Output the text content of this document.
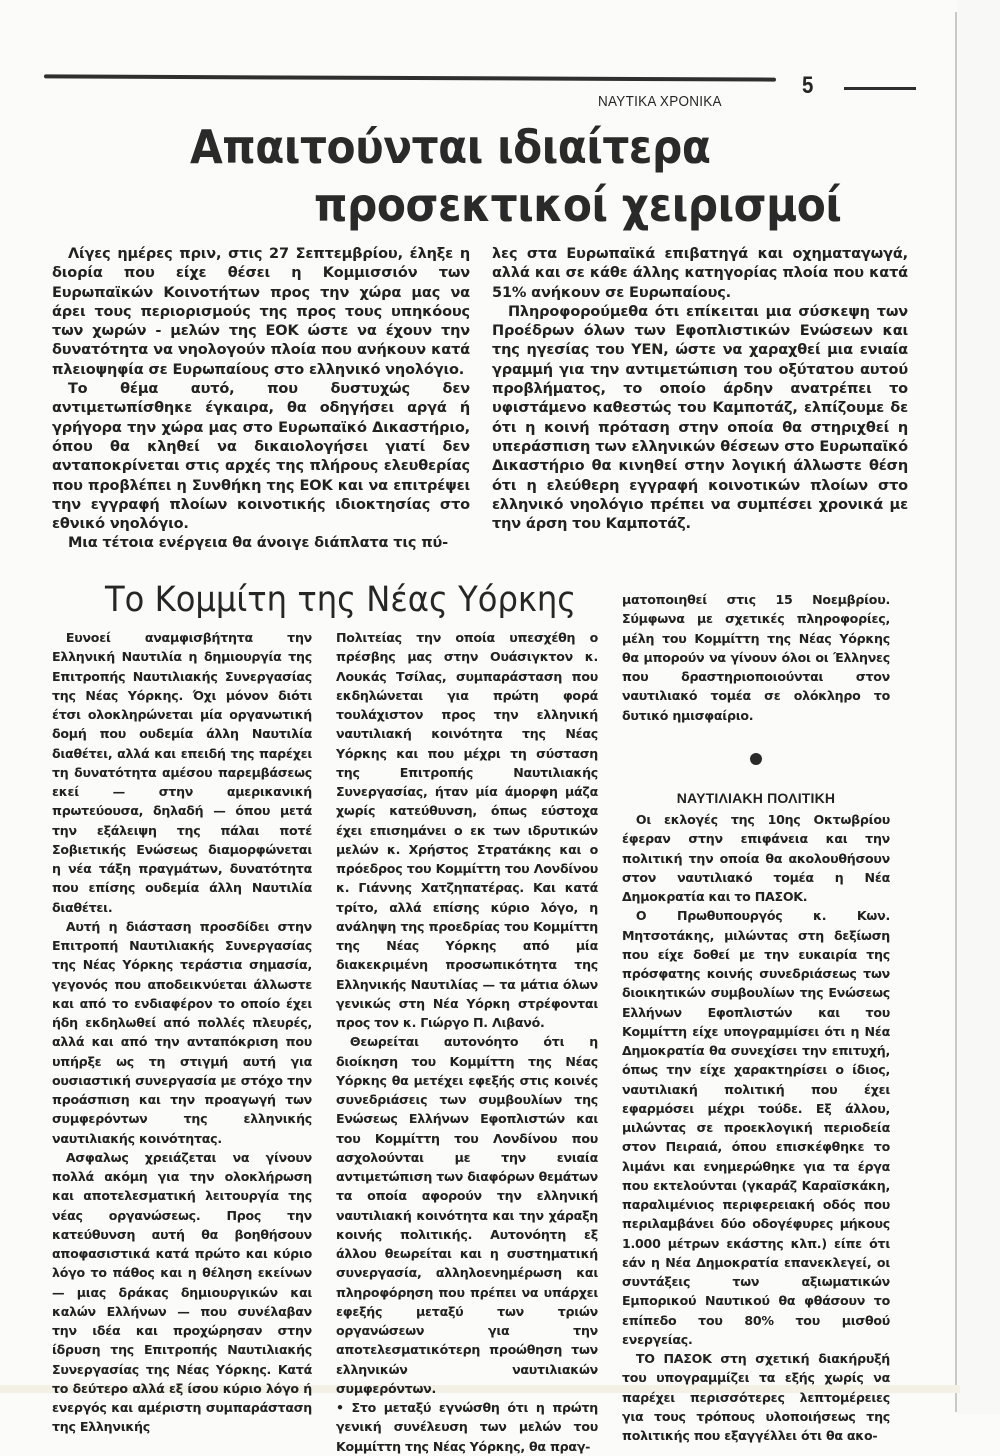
5
ΝΑΥΤΙΚΑ ΧΡΟΝΙΚΑ
Απαιτούνται ιδιαίτερα
προσεκτικοί χειρισμοί

Λίγες ημέρες πριν, στις 27 Σεπτεμβρίου, έληξε η διορία που είχε θέσει η Κομμισσιόν των Ευρωπαϊκών Κοινοτήτων προς την χώρα μας να άρει τους περιορισμούς της προς τους υπηκόους των χωρών - μελών της ΕΟΚ ώστε να έχουν την δυνατότητα να νηολογούν πλοία που ανήκουν κατά πλειοψηφία σε Ευρωπαίους στο ελληνικό νηολόγιο.

Το θέμα αυτό, που δυστυχώς δεν αντιμετωπίσθηκε έγκαιρα, θα οδηγήσει αργά ή γρήγορα την χώρα μας στο Ευρωπαϊκό Δικαστήριο, όπου θα κληθεί να δικαιολογήσει γιατί δεν ανταποκρίνεται στις αρχές της πλήρους ελευθερίας που προβλέπει η Συνθήκη της ΕΟΚ και να επιτρέψει την εγγραφή πλοίων κοινοτικής ιδιοκτησίας στο εθνικό νηολόγιο.

Μια τέτοια ενέργεια θα άνοιγε διάπλατα τις πύ-

λες στα Ευρωπαϊκά επιβατηγά και οχηματαγωγά, αλλά και σε κάθε άλλης κατηγορίας πλοία που κατά 51% ανήκουν σε Ευρωπαίους.

Πληροφορούμεθα ότι επίκειται μια σύσκεψη των Προέδρων όλων των Εφοπλιστικών Ενώσεων και της ηγεσίας του ΥΕΝ, ώστε να χαραχθεί μια ενιαία γραμμή για την αντιμετώπιση του οξύτατου αυτού προβλήματος, το οποίο άρδην ανατρέπει το υφιστάμενο καθεστώς του Καμποτάζ, ελπίζουμε δε ότι η κοινή πρόταση στην οποία θα στηριχθεί η υπεράσπιση των ελληνικών θέσεων στο Ευρωπαϊκό Δικαστήριο θα κινηθεί στην λογική άλλωστε θέση ότι η ελεύθερη εγγραφή κοινοτικών πλοίων στο ελληνικό νηολόγιο πρέπει να συμπέσει χρονικά με την άρση του Καμποτάζ.

Το Κομμίτη της Νέας Υόρκης

Ευνοεί αναμφισβήτητα την Ελληνική Ναυτιλία η δημιουργία της Επιτροπής Ναυτιλιακής Συνεργασίας της Νέας Υόρκης. Όχι μόνον διότι έτσι ολοκληρώνεται μία οργανωτική δομή που ουδεμία άλλη Ναυτιλία διαθέτει, αλλά και επειδή της παρέχει τη δυνατότητα αμέσου παρεμβάσεως εκεί — στην αμερικανική πρωτεύουσα, δηλαδή — όπου μετά την εξάλειψη της πάλαι ποτέ Σοβιετικής Ενώσεως διαμορφώνεται η νέα τάξη πραγμάτων, δυνατότητα που επίσης ουδεμία άλλη Ναυτιλία διαθέτει.

Αυτή η διάσταση προσδίδει στην Επιτροπή Ναυτιλιακής Συνεργασίας της Νέας Υόρκης τεράστια σημασία, γεγονός που αποδεικνύεται άλλωστε και από το ενδιαφέρον το οποίο έχει ήδη εκδηλωθεί από πολλές πλευρές, αλλά και από την ανταπόκριση που υπήρξε ως τη στιγμή αυτή για ουσιαστική συνεργασία με στόχο την προάσπιση και την προαγωγή των συμφερόντων της ελληνικής ναυτιλιακής κοινότητας.

Ασφαλως χρειάζεται να γίνουν πολλά ακόμη για την ολοκλήρωση και αποτελεσματική λειτουργία της νέας οργανώσεως. Προς την κατεύθυνση αυτή θα βοηθήσουν αποφασιστικά κατά πρώτο και κύριο λόγο το πάθος και η θέληση εκείνων — μιας δράκας δημιουργικών και καλών Ελλήνων — που συνέλαβαν την ιδέα και προχώρησαν στην ίδρυση της Επιτροπής Ναυτιλιακής Συνεργασίας της Νέας Υόρκης. Κατά το δεύτερο αλλά εξ ίσου κύριο λόγο ή ενεργός και αμέριστη συμπαράσταση της Ελληνικής

Πολιτείας την οποία υπεσχέθη ο πρέσβης μας στην Ουάσιγκτον κ. Λουκάς Τσίλας, συμπαράσταση που εκδηλώνεται για πρώτη φορά τουλάχιστον προς την ελληνική ναυτιλιακή κοινότητα της Νέας Υόρκης και που μέχρι τη σύσταση της Επιτροπής Ναυτιλιακής Συνεργασίας, ήταν μία άμορφη μάζα χωρίς κατεύθυνση, όπως εύστοχα έχει επισημάνει ο εκ των ιδρυτικών μελών κ. Χρήστος Στρατάκης και ο πρόεδρος του Κομμίττη του Λονδίνου κ. Γιάννης Χατζηπατέρας. Και κατά τρίτο, αλλά επίσης κύριο λόγο, η ανάληψη της προεδρίας του Κομμίττη της Νέας Υόρκης από μία διακεκριμένη προσωπικότητα της Ελληνικής Ναυτιλίας — τα μάτια όλων γενικώς στη Νέα Υόρκη στρέφονται προς τον κ. Γιώργο Π. Λιβανό.

Θεωρείται αυτονόητο ότι η διοίκηση του Κομμίττη της Νέας Υόρκης θα μετέχει εφεξής στις κοινές συνεδριάσεις των συμβουλίων της Ενώσεως Ελλήνων Εφοπλιστών και του Κομμίττη του Λονδίνου που ασχολούνται με την ενιαία αντιμετώπιση των διαφόρων θεμάτων τα οποία αφορούν την ελληνική ναυτιλιακή κοινότητα και την χάραξη κοινής πολιτικής. Αυτονόητη εξ άλλου θεωρείται και η συστηματική συνεργασία, αλληλοενημέρωση και πληροφόρηση που πρέπει να υπάρχει εφεξής μεταξύ των τριών οργανώσεων για την αποτελεσματικότερη προώθηση των ελληνικών ναυτιλιακών συμφερόντων.

• Στο μεταξύ εγνώσθη ότι η πρώτη γενική συνέλευση των μελών του Κομμίττη της Νέας Υόρκης, θα πραγ-

ματοποιηθεί στις 15 Νοεμβρίου. Σύμφωνα με σχετικές πληροφορίες, μέλη του Κομμίττη της Νέας Υόρκης θα μπορούν να γίνουν όλοι οι Έλληνες που δραστηριοποιούνται στον ναυτιλιακό τομέα σε ολόκληρο το δυτικό ημισφαίριο.

ΝΑΥΤΙΛΙΑΚΗ ΠΟΛΙΤΙΚΗ

Οι εκλογές της 10ης Οκτωβρίου έφεραν στην επιφάνεια και την πολιτική την οποία θα ακολουθήσουν στον ναυτιλιακό τομέα η Νέα Δημοκρατία και το ΠΑΣΟΚ.

Ο Πρωθυπουργός κ. Κων. Μητσοτάκης, μιλώντας στη δεξίωση που είχε δοθεί με την ευκαιρία της πρόσφατης κοινής συνεδριάσεως των διοικητικών συμβουλίων της Ενώσεως Ελλήνων Εφοπλιστών και του Κομμίττη είχε υπογραμμίσει ότι η Νέα Δημοκρατία θα συνεχίσει την επιτυχή, όπως την είχε χαρακτηρίσει ο ίδιος, ναυτιλιακή πολιτική που έχει εφαρμόσει μέχρι τούδε. Εξ άλλου, μιλώντας σε προεκλογική περιοδεία στον Πειραιά, όπου επισκέφθηκε το λιμάνι και ενημερώθηκε για τα έργα που εκτελούνται (γκαράζ Καραϊσκάκη, παραλιμένιος περιφερειακή οδός που περιλαμβάνει δύο οδογέφυρες μήκους 1.000 μέτρων εκάστης κλπ.) είπε ότι εάν η Νέα Δημοκρατία επανεκλεγεί, οι συντάξεις των αξιωματικών Εμπορικού Ναυτικού θα φθάσουν το επίπεδο του 80% του μισθού ενεργείας.

ΤΟ ΠΑΣΟΚ στη σχετική διακήρυξή του υπογραμμίζει τα εξής χωρίς να παρέχει περισσότερες λεπτομέρειες για τους τρόπους υλοποιήσεως της πολιτικής που εξαγγέλλει ότι θα ακο-
